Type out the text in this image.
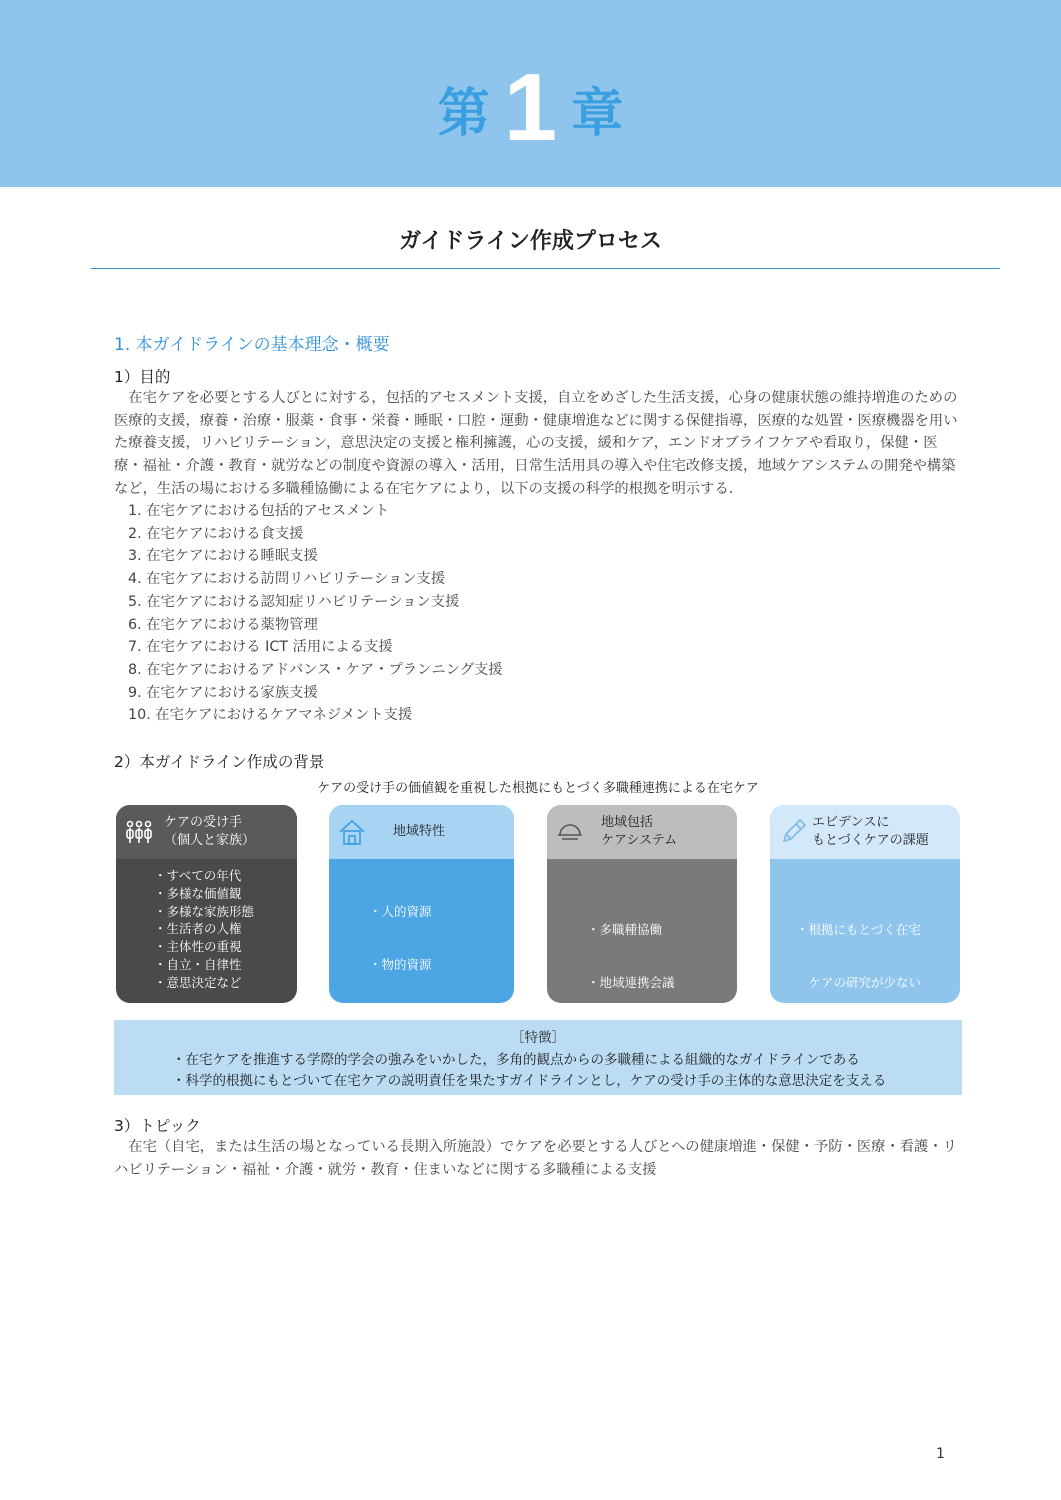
第 1 章
ガイドライン作成プロセス
1. 本ガイドラインの基本理念・概要
1）目的
在宅ケアを必要とする人びとに対する，包括的アセスメント支援，自立をめざした生活支援，心身の健康状態の維持増進のための医療的支援，療養・治療・服薬・食事・栄養・睡眠・口腔・運動・健康増進などに関する保健指導，医療的な処置・医療機器を用いた療養支援，リハビリテーション，意思決定の支援と権利擁護，心の支援，緩和ケア，エンドオブライフケアや看取り，保健・医療・福祉・介護・教育・就労などの制度や資源の導入・活用，日常生活用具の導入や住宅改修支援，地域ケアシステムの開発や構築など，生活の場における多職種協働による在宅ケアにより，以下の支援の科学的根拠を明示する．
1. 在宅ケアにおける包括的アセスメント
2. 在宅ケアにおける食支援
3. 在宅ケアにおける睡眠支援
4. 在宅ケアにおける訪問リハビリテーション支援
5. 在宅ケアにおける認知症リハビリテーション支援
6. 在宅ケアにおける薬物管理
7. 在宅ケアにおける ICT 活用による支援
8. 在宅ケアにおけるアドバンス・ケア・プランニング支援
9. 在宅ケアにおける家族支援
10. 在宅ケアにおけるケアマネジメント支援
2）本ガイドライン作成の背景
ケアの受け手の価値観を重視した根拠にもとづく多職種連携による在宅ケア
ケアの受け手
（個人と家族）
・すべての年代
・多様な価値観
・多様な家族形態
・生活者の人権
・主体性の重視
・自立・自律性
・意思決定など
地域特性

・人的資源

・物的資源

地域包括
ケアシステム

・多職種協働

・地域連携会議

エビデンスに
もとづくケアの課題

・根拠にもとづく在宅

　ケアの研究が少ない

［特徴］
・在宅ケアを推進する学際的学会の強みをいかした，多角的観点からの多職種による組織的なガイドラインである
・科学的根拠にもとづいて在宅ケアの説明責任を果たすガイドラインとし，ケアの受け手の主体的な意思決定を支える
3）トピック
在宅（自宅，または生活の場となっている長期入所施設）でケアを必要とする人びとへの健康増進・保健・予防・医療・看護・リハビリテーション・福祉・介護・就労・教育・住まいなどに関する多職種による支援
1
